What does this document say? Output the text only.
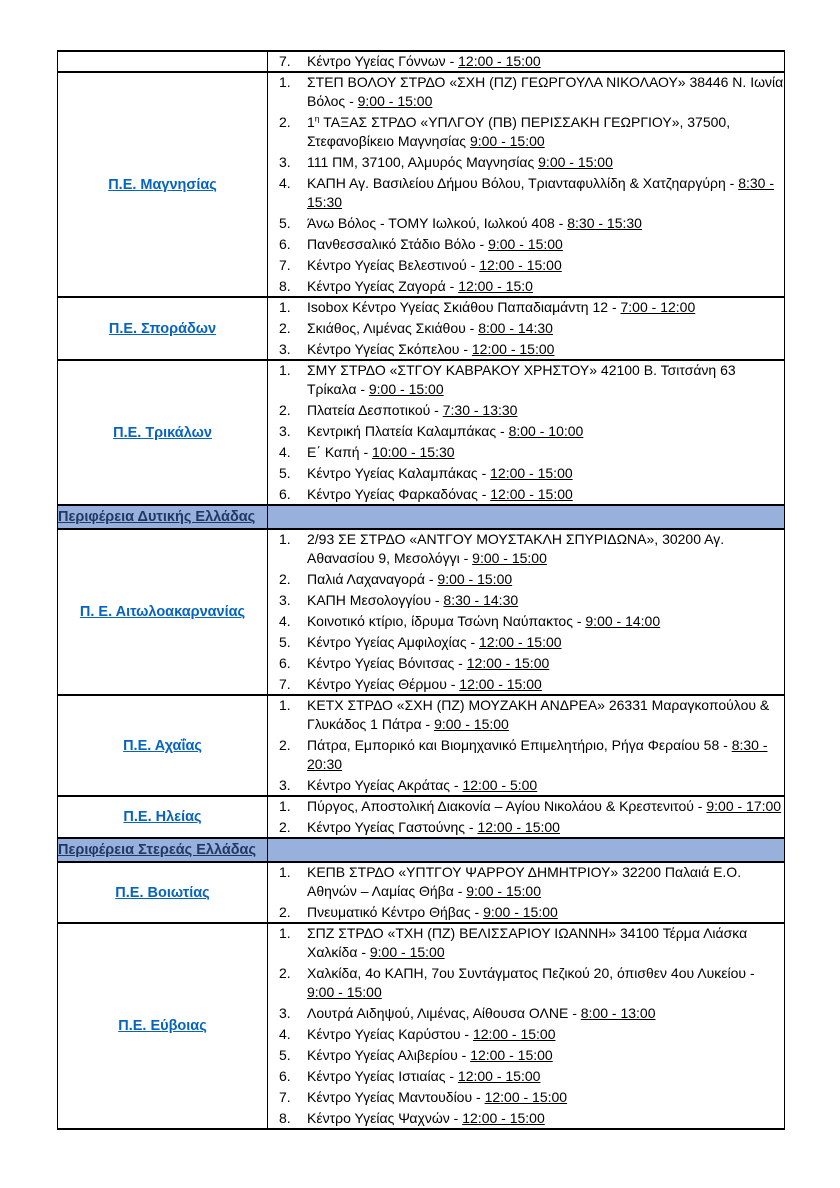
	7. Κέντρο Υγείας Γόννων - 12:00 - 15:00

Π.Ε. Μαγνησίας	
1.	ΣΤΕΠ ΒΟΛΟΥ ΣΤΡΔΟ «ΣΧΗ (ΠΖ) ΓΕΩΡΓΟΥΛΑ ΝΙΚΟΛΑΟΥ» 38446 Ν. Ιωνία Βόλος - 9:00 - 15:00
2.	$1^\eta$ ΤΑΞΑΣ ΣΤΡΔΟ «ΥΠΛΓΟΥ (ΠΒ) ΠΕΡΙΣΣΑΚΗ ΓΕΩΡΓΙΟΥ», 37500, Στεφανοβίκειο Μαγνησίας 9:00 - 15:00
3.	111 ΠΜ, 37100, Αλμυρός Μαγνησίας 9:00 - 15:00
4.	ΚΑΠΗ Αγ. Βασιλείου Δήμου Βόλου, Τριανταφυλλίδη & Χατζηαργύρη - 8:30 - 15:30
5.	Άνω Βόλος - ΤΟΜΥ Ιωλκού, Ιωλκού 408 - 8:30 - 15:30
6.	Πανθεσσαλικό Στάδιο Βόλο - 9:00 - 15:00
7.	Κέντρο Υγείας Βελεστινού - 12:00 - 15:00
8.	Κέντρο Υγείας Ζαγορά - 12:00 - 15:0

Π.Ε. Σποράδων	
1.	Isobox Κέντρο Υγείας Σκιάθου Παπαδιαμάντη 12 - 7:00 - 12:00
2.	Σκιάθος, Λιμένας Σκιάθου - 8:00 - 14:30
3.	Κέντρο Υγείας Σκόπελου - 12:00 - 15:00

Π.Ε. Τρικάλων	
1.	ΣΜΥ ΣΤΡΔΟ «ΣΤΓΟΥ ΚΑΒΡΑΚΟΥ ΧΡΗΣΤΟΥ» 42100 Β. Τσιτσάνη 63 Τρίκαλα - 9:00 - 15:00
2.	Πλατεία Δεσποτικού - 7:30 - 13:30
3.	Κεντρική Πλατεία Καλαμπάκας - 8:00 - 10:00
4.	Ε΄ Καπή - 10:00 - 15:30
5.	Κέντρο Υγείας Καλαμπάκας - 12:00 - 15:00
6.	Κέντρο Υγείας Φαρκαδόνας - 12:00 - 15:00

Περιφέρεια Δυτικής Ελλάδας	
Π. Ε. Αιτωλοακαρνανίας	
1.	2/93 ΣΕ ΣΤΡΔΟ «ΑΝΤΓΟΥ ΜΟΥΣΤΑΚΛΗ ΣΠΥΡΙΔΩΝΑ», 30200 Αγ. Αθανασίου 9, Μεσολόγγι - 9:00 - 15:00
2.	Παλιά Λαχαναγορά - 9:00 - 15:00
3.	ΚΑΠΗ Μεσολογγίου - 8:30 - 14:30
4.	Κοινοτικό κτίριο, ίδρυμα Τσώνη Ναύπακτος - 9:00 - 14:00
5.	Κέντρο Υγείας Αμφιλοχίας - 12:00 - 15:00
6.	Κέντρο Υγείας Βόνιτσας - 12:00 - 15:00
7.	Κέντρο Υγείας Θέρμου - 12:00 - 15:00

Π.Ε. Αχαΐας	
1.	ΚΕΤΧ ΣΤΡΔΟ «ΣΧΗ (ΠΖ) ΜΟΥΖΑΚΗ ΑΝΔΡΕΑ» 26331 Μαραγκοπούλου & Γλυκάδος 1 Πάτρα - 9:00 - 15:00
2.	Πάτρα, Εμπορικό και Βιομηχανικό Επιμελητήριο, Ρήγα Φεραίου 58 - 8:30 - 20:30
3.	Κέντρο Υγείας Ακράτας - 12:00 - 5:00

Π.Ε. Ηλείας	1. Πύργος, Αποστολική Διακονία – Αγίου Νικολάου & Κρεστενιτού - 9:00 - 17:00
2. Κέντρο Υγείας Γαστούνης - 12:00 - 15:00

Περιφέρεια Στερεάς Ελλάδας	
Π.Ε. Βοιωτίας	1. ΚΕΠΒ ΣΤΡΔΟ «ΥΠΤΓΟΥ ΨΑΡΡΟΥ ΔΗΜΗΤΡΙΟΥ» 32200 Παλαιά Ε.Ο. Αθηνών – Λαμίας Θήβα - 9:00 - 15:00
2. Πνευματικό Κέντρο Θήβας - 9:00 - 15:00

Π.Ε. Εύβοιας	
1.	ΣΠΖ ΣΤΡΔΟ «ΤΧΗ (ΠΖ) ΒΕΛΙΣΣΑΡΙΟΥ ΙΩΑΝΝΗ» 34100 Τέρμα Λιάσκα Χαλκίδα - 9:00 - 15:00
2.	Χαλκίδα, 4ο ΚΑΠΗ, 7ου Συντάγματος Πεζικού 20, όπισθεν 4ου Λυκείου - 9:00 - 15:00
3.	Λουτρά Αιδηψού, Λιμένας, Αίθουσα ΟΛΝΕ - 8:00 - 13:00
4.	Κέντρο Υγείας Καρύστου - 12:00 - 15:00
5.	Κέντρο Υγείας Αλιβερίου - 12:00 - 15:00
6.	Κέντρο Υγείας Ιστιαίας - 12:00 - 15:00
7.	Κέντρο Υγείας Μαντουδίου - 12:00 - 15:00
8.	Κέντρο Υγείας Ψαχνών - 12:00 - 15:00
